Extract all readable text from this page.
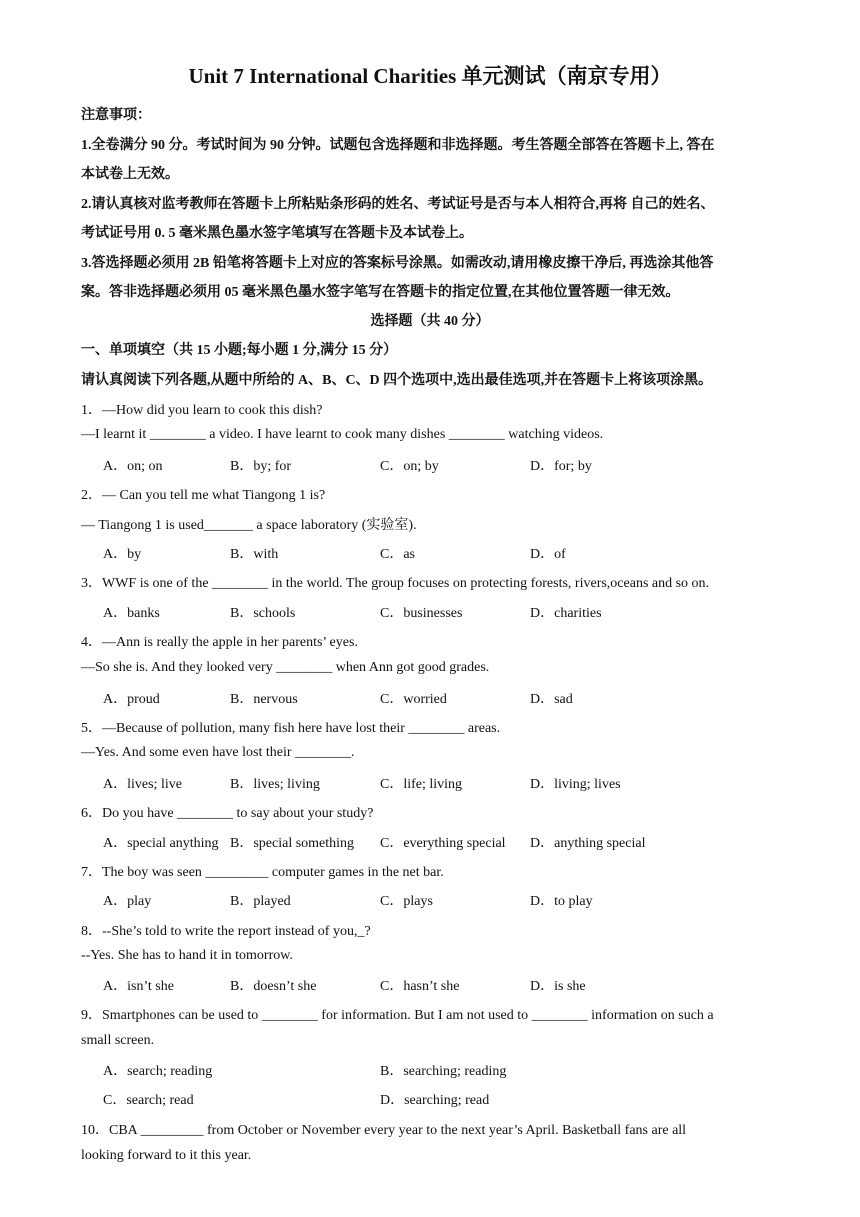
Unit 7 International Charities 单元测试（南京专用）
注意事项：
1.全卷满分 90 分。考试时间为 90 分钟。试题包含选择题和非选择题。考生答题全部答在答题卡上, 答在
本试卷上无效。
2.请认真核对监考教师在答题卡上所粘贴条形码的姓名、考试证号是否与本人相符合,再将 自己的姓名、
考试证号用 0. 5 毫米黑色墨水签字笔填写在答题卡及本试卷上。
3.答选择题必须用 2B 铅笔将答题卡上对应的答案标号涂黑。如需改动,请用橡皮擦干净后, 再选涂其他答
案。答非选择题必须用 05 毫米黑色墨水签字笔写在答题卡的指定位置,在其他位置答题一律无效。
选择题（共 40 分）
一、单项填空（共 15 小题;每小题 1 分,满分 15 分）
请认真阅读下列各题,从题中所给的 A、B、C、D 四个选项中,选出最佳选项,并在答题卡上将该项涂黑。
1．—How did you learn to cook this dish?
—I learnt it ________ a video. I have learnt to cook many dishes ________ watching videos.
A．on; on	B．by; for	C．on; by	D．for; by
2．— Can you tell me what Tiangong 1 is?
— Tiangong 1 is used_______ a space laboratory (实验室).
A．by	B．with	C．as	D．of
3．WWF is one of the ________ in the world. The group focuses on protecting forests, rivers,oceans and so on.
A．banks	B．schools	C．businesses	D．charities
4．—Ann is really the apple in her parents’ eyes.
—So she is. And they looked very ________ when Ann got good grades.
A．proud	B．nervous	C．worried	D．sad
5．—Because of pollution, many fish here have lost their ________ areas.
—Yes. And some even have lost their ________.
A．lives; live	B．lives; living	C．life; living	D．living; lives
6．Do you have ________ to say about your study?
A．special anything B．special something C．everything special D．anything special
7．The boy was seen _________ computer games in the net bar.
A．play	B．played	C．plays	D．to play
8．--She’s told to write the report instead of you,_?
--Yes. She has to hand it in tomorrow.
A．isn’t she	B．doesn’t she	C．hasn’t she	D．is she
9．Smartphones can be used to ________ for information. But I am not used to ________ information on such a
small screen.
A．search; reading	B．searching; reading
C．search; read	D．searching; read
10．CBA _________ from October or November every year to the next year’s April. Basketball fans are all
looking forward to it this year.
